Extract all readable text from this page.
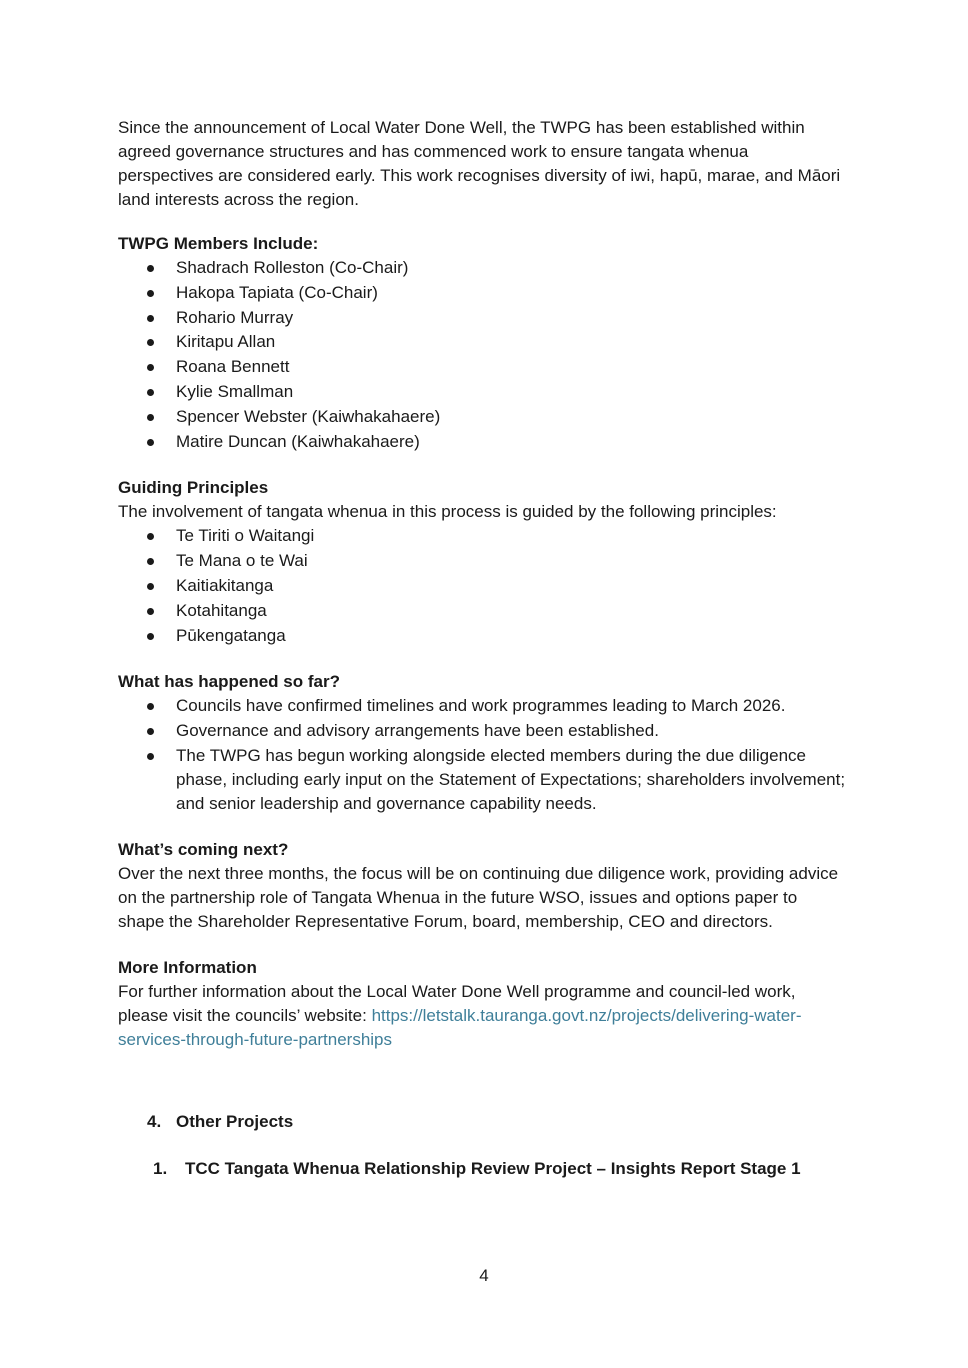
Since the announcement of Local Water Done Well, the TWPG has been established within agreed governance structures and has commenced work to ensure tangata whenua perspectives are considered early. This work recognises diversity of iwi, hapū, marae, and Māori land interests across the region.

TWPG Members Include:

Shadrach Rolleston (Co-Chair)
Hakopa Tapiata (Co-Chair)
Rohario Murray
Kiritapu Allan
Roana Bennett
Kylie Smallman
Spencer Webster (Kaiwhakahaere)
Matire Duncan (Kaiwhakahaere)

Guiding Principles

The involvement of tangata whenua in this process is guided by the following principles:

Te Tiriti o Waitangi
Te Mana o te Wai
Kaitiakitanga
Kotahitanga
Pūkengatanga

What has happened so far?

Councils have confirmed timelines and work programmes leading to March 2026.
Governance and advisory arrangements have been established.
The TWPG has begun working alongside elected members during the due diligence phase, including early input on the Statement of Expectations; shareholders involvement; and senior leadership and governance capability needs.

What’s coming next?

Over the next three months, the focus will be on continuing due diligence work, providing advice on the partnership role of Tangata Whenua in the future WSO, issues and options paper to shape the Shareholder Representative Forum, board, membership, CEO and directors.

More Information

For further information about the Local Water Done Well programme and council-led work, please visit the councils’ website: https://letstalk.tauranga.govt.nz/projects/delivering-water-services-through-future-partnerships

4. Other Projects

1. TCC Tangata Whenua Relationship Review Project – Insights Report Stage 1

4
